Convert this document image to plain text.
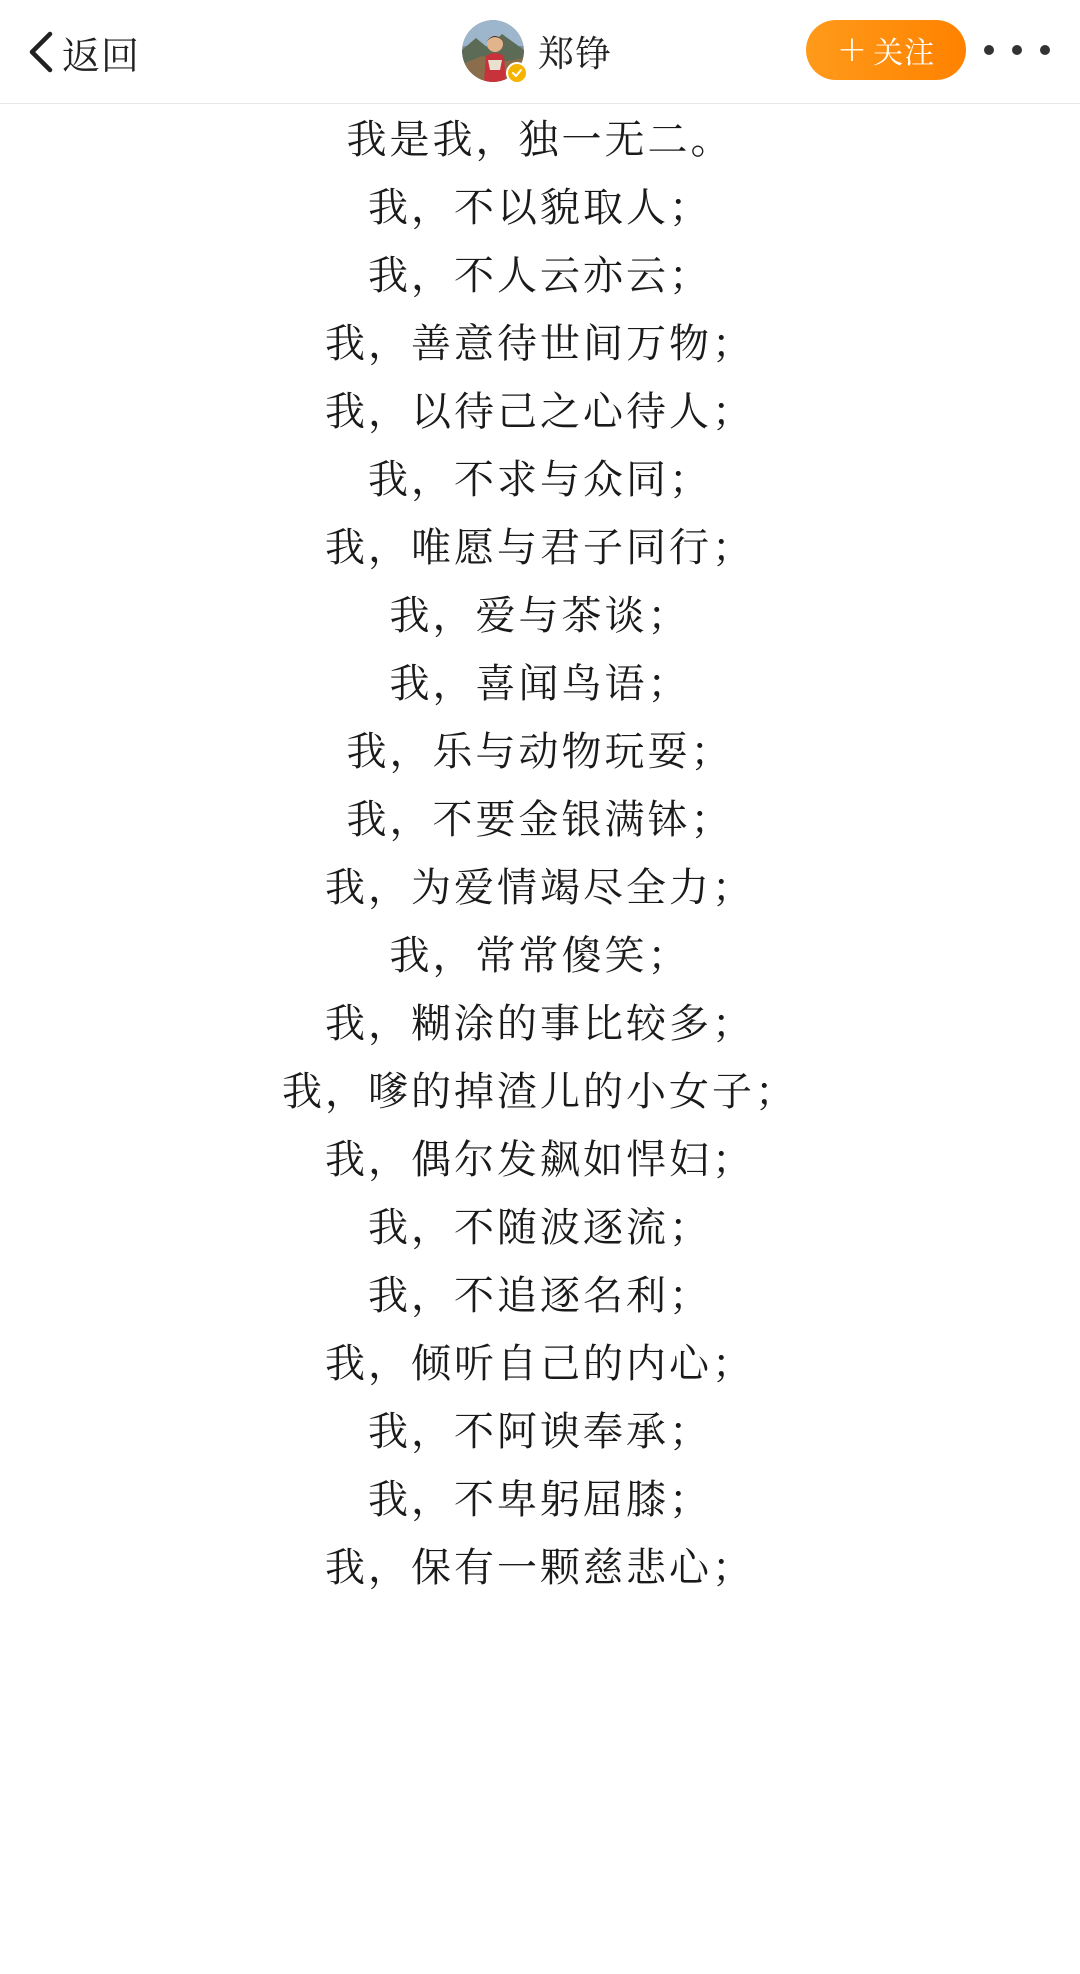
返回	郑铮	+ 关注
我是我，独一无二。
我，不以貌取人；
我，不人云亦云；
我，善意待世间万物；
我，以待己之心待人；
我，不求与众同；
我，唯愿与君子同行；
我，爱与茶谈；
我，喜闻鸟语；
我，乐与动物玩耍；
我，不要金银满钵；
我，为爱情竭尽全力；
我，常常傻笑；
我，糊涂的事比较多；
我，嗲的掉渣儿的小女子；
我，偶尔发飙如悍妇；
我，不随波逐流；
我，不追逐名利；
我，倾听自己的内心；
我，不阿谀奉承；
我，不卑躬屈膝；
我，保有一颗慈悲心；
